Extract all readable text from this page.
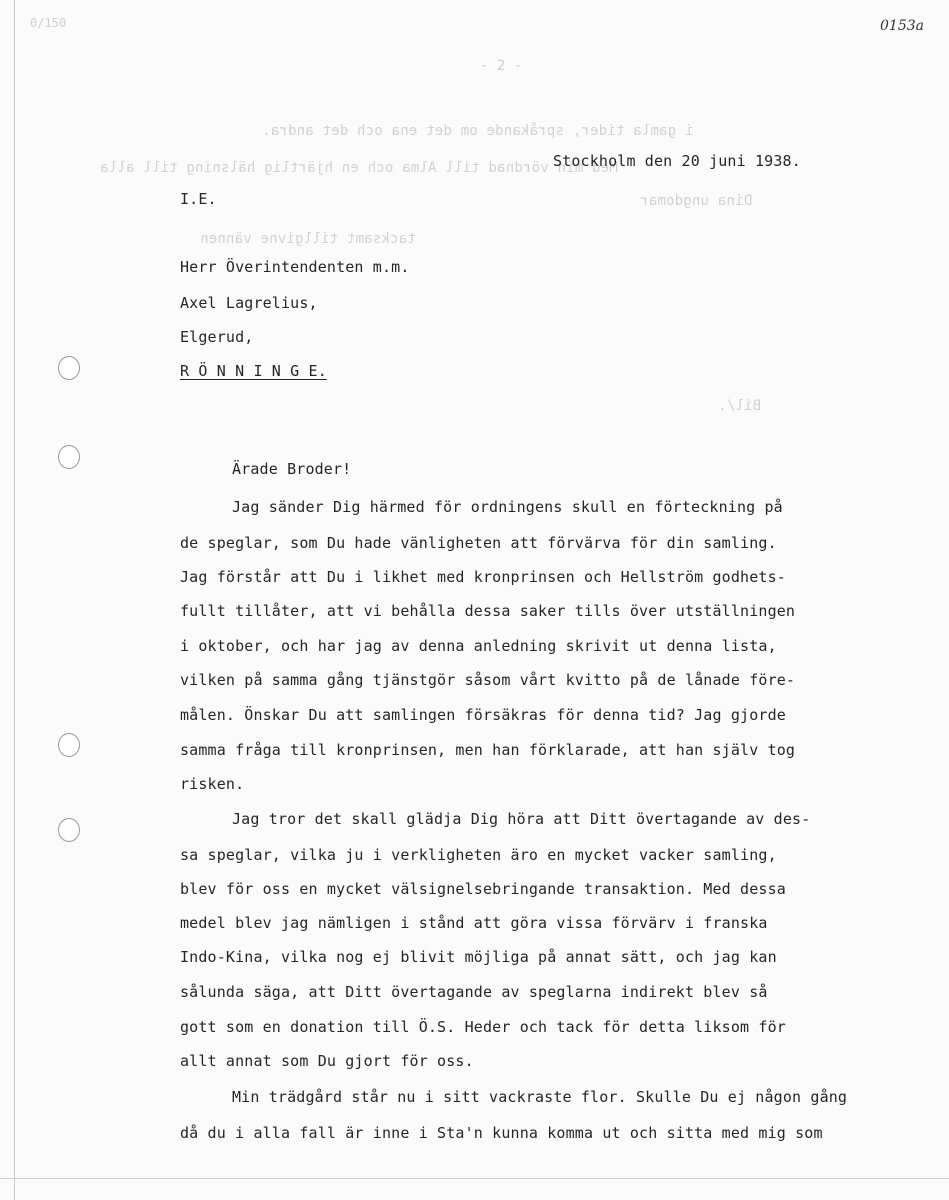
0/150	0153a
- 2 -
i gamla tider, språkande om det ena och det andra.
Med min vördnad till Alma och en hjärtlig hälsning till alla
Dina ungdomar
tacksamt tillgivne vännen
Bil/.
Stockholm den 20 juni 1938.
I.E.
Herr Överintendenten m.m.
Axel Lagrelius,
Elgerud,
R Ö N N I N G E.
Ärade Broder!
Jag sänder Dig härmed för ordningens skull en förteckning på
de speglar, som Du hade vänligheten att förvärva för din samling.
Jag förstår att Du i likhet med kronprinsen och Hellström godhets-
fullt tillåter, att vi behålla dessa saker tills över utställningen
i oktober, och har jag av denna anledning skrivit ut denna lista,
vilken på samma gång tjänstgör såsom vårt kvitto på de lånade före-
målen. Önskar Du att samlingen försäkras för denna tid? Jag gjorde
samma fråga till kronprinsen, men han förklarade, att han själv tog
risken.
Jag tror det skall glädja Dig höra att Ditt övertagande av des-
sa speglar, vilka ju i verkligheten äro en mycket vacker samling,
blev för oss en mycket välsignelsebringande transaktion. Med dessa
medel blev jag nämligen i stånd att göra vissa förvärv i franska
Indo-Kina, vilka nog ej blivit möjliga på annat sätt, och jag kan
sålunda säga, att Ditt övertagande av speglarna indirekt blev så
gott som en donation till Ö.S. Heder och tack för detta liksom för
allt annat som Du gjort för oss.
Min trädgård står nu i sitt vackraste flor. Skulle Du ej någon gång
då du i alla fall är inne i Sta'n kunna komma ut och sitta med mig som
